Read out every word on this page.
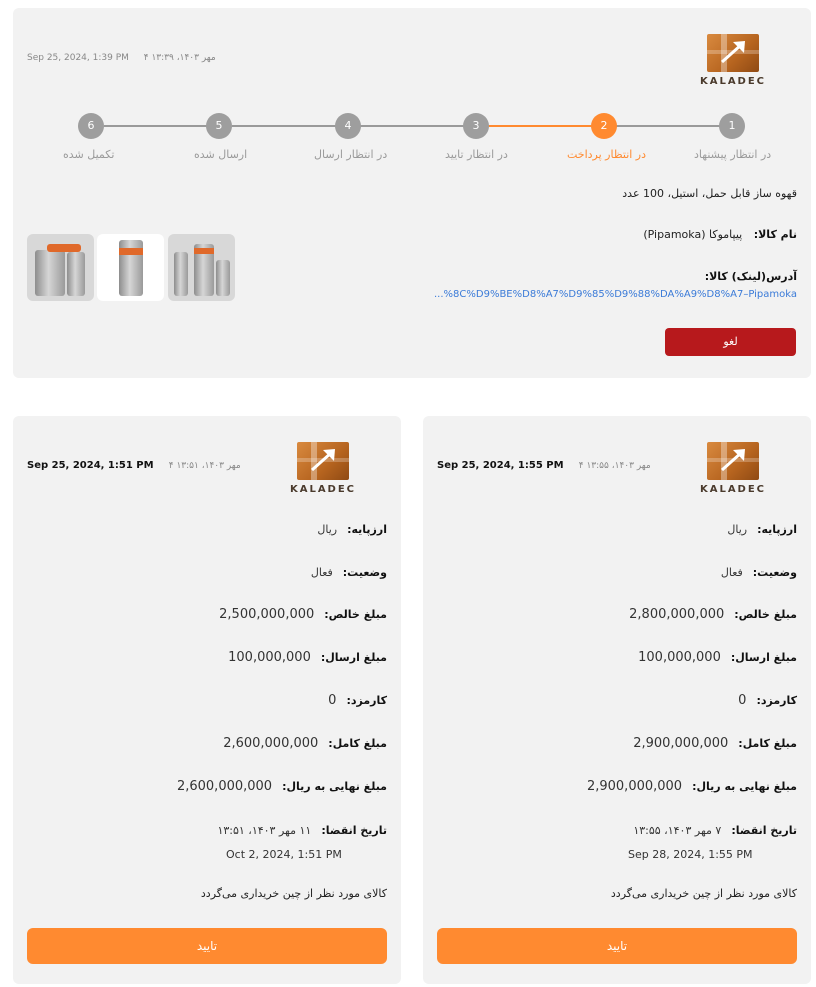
Sep 25, 2024, 1:39 PM ۴ مهر ۱۴۰۳، ۱۳:۳۹
KALADEC
1
2
3
4
5
6
در انتظار پیشنهاد
در انتظار پرداخت
در انتظار تایید
در انتظار ارسال
ارسال شده
تکمیل شده
قهوه ساز قابل حمل، استیل، 100 عدد
نام کالا: پیپاموکا (Pipamoka)
آدرس(لینک) کالا:
...%8C%D9%BE%D8%A7%D9%85%D9%88%DA%A9%D8%A7–Pipamoka
لغو
Sep 25, 2024, 1:55 PM ۴ مهر ۱۴۰۳، ۱۳:۵۵
KALADEC
ارزپایه:ریال
وضعیت:فعال
مبلغ خالص:2,800,000,000
مبلغ ارسال:100,000,000
کارمزد:0
مبلغ کامل:2,900,000,000
مبلغ نهایی به ریال:2,900,000,000
تاریخ انقضا:۷ مهر ۱۴۰۳، ۱۳:۵۵
Sep 28, 2024, 1:55 PM
کالای مورد نظر از چین خریداری می‌گردد
تایید
Sep 25, 2024, 1:51 PM ۴ مهر ۱۴۰۳، ۱۳:۵۱
KALADEC
ارزپایه:ریال
وضعیت:فعال
مبلغ خالص:2,500,000,000
مبلغ ارسال:100,000,000
کارمزد:0
مبلغ کامل:2,600,000,000
مبلغ نهایی به ریال:2,600,000,000
تاریخ انقضا:۱۱ مهر ۱۴۰۳، ۱۳:۵۱
Oct 2, 2024, 1:51 PM
کالای مورد نظر از چین خریداری می‌گردد
تایید
